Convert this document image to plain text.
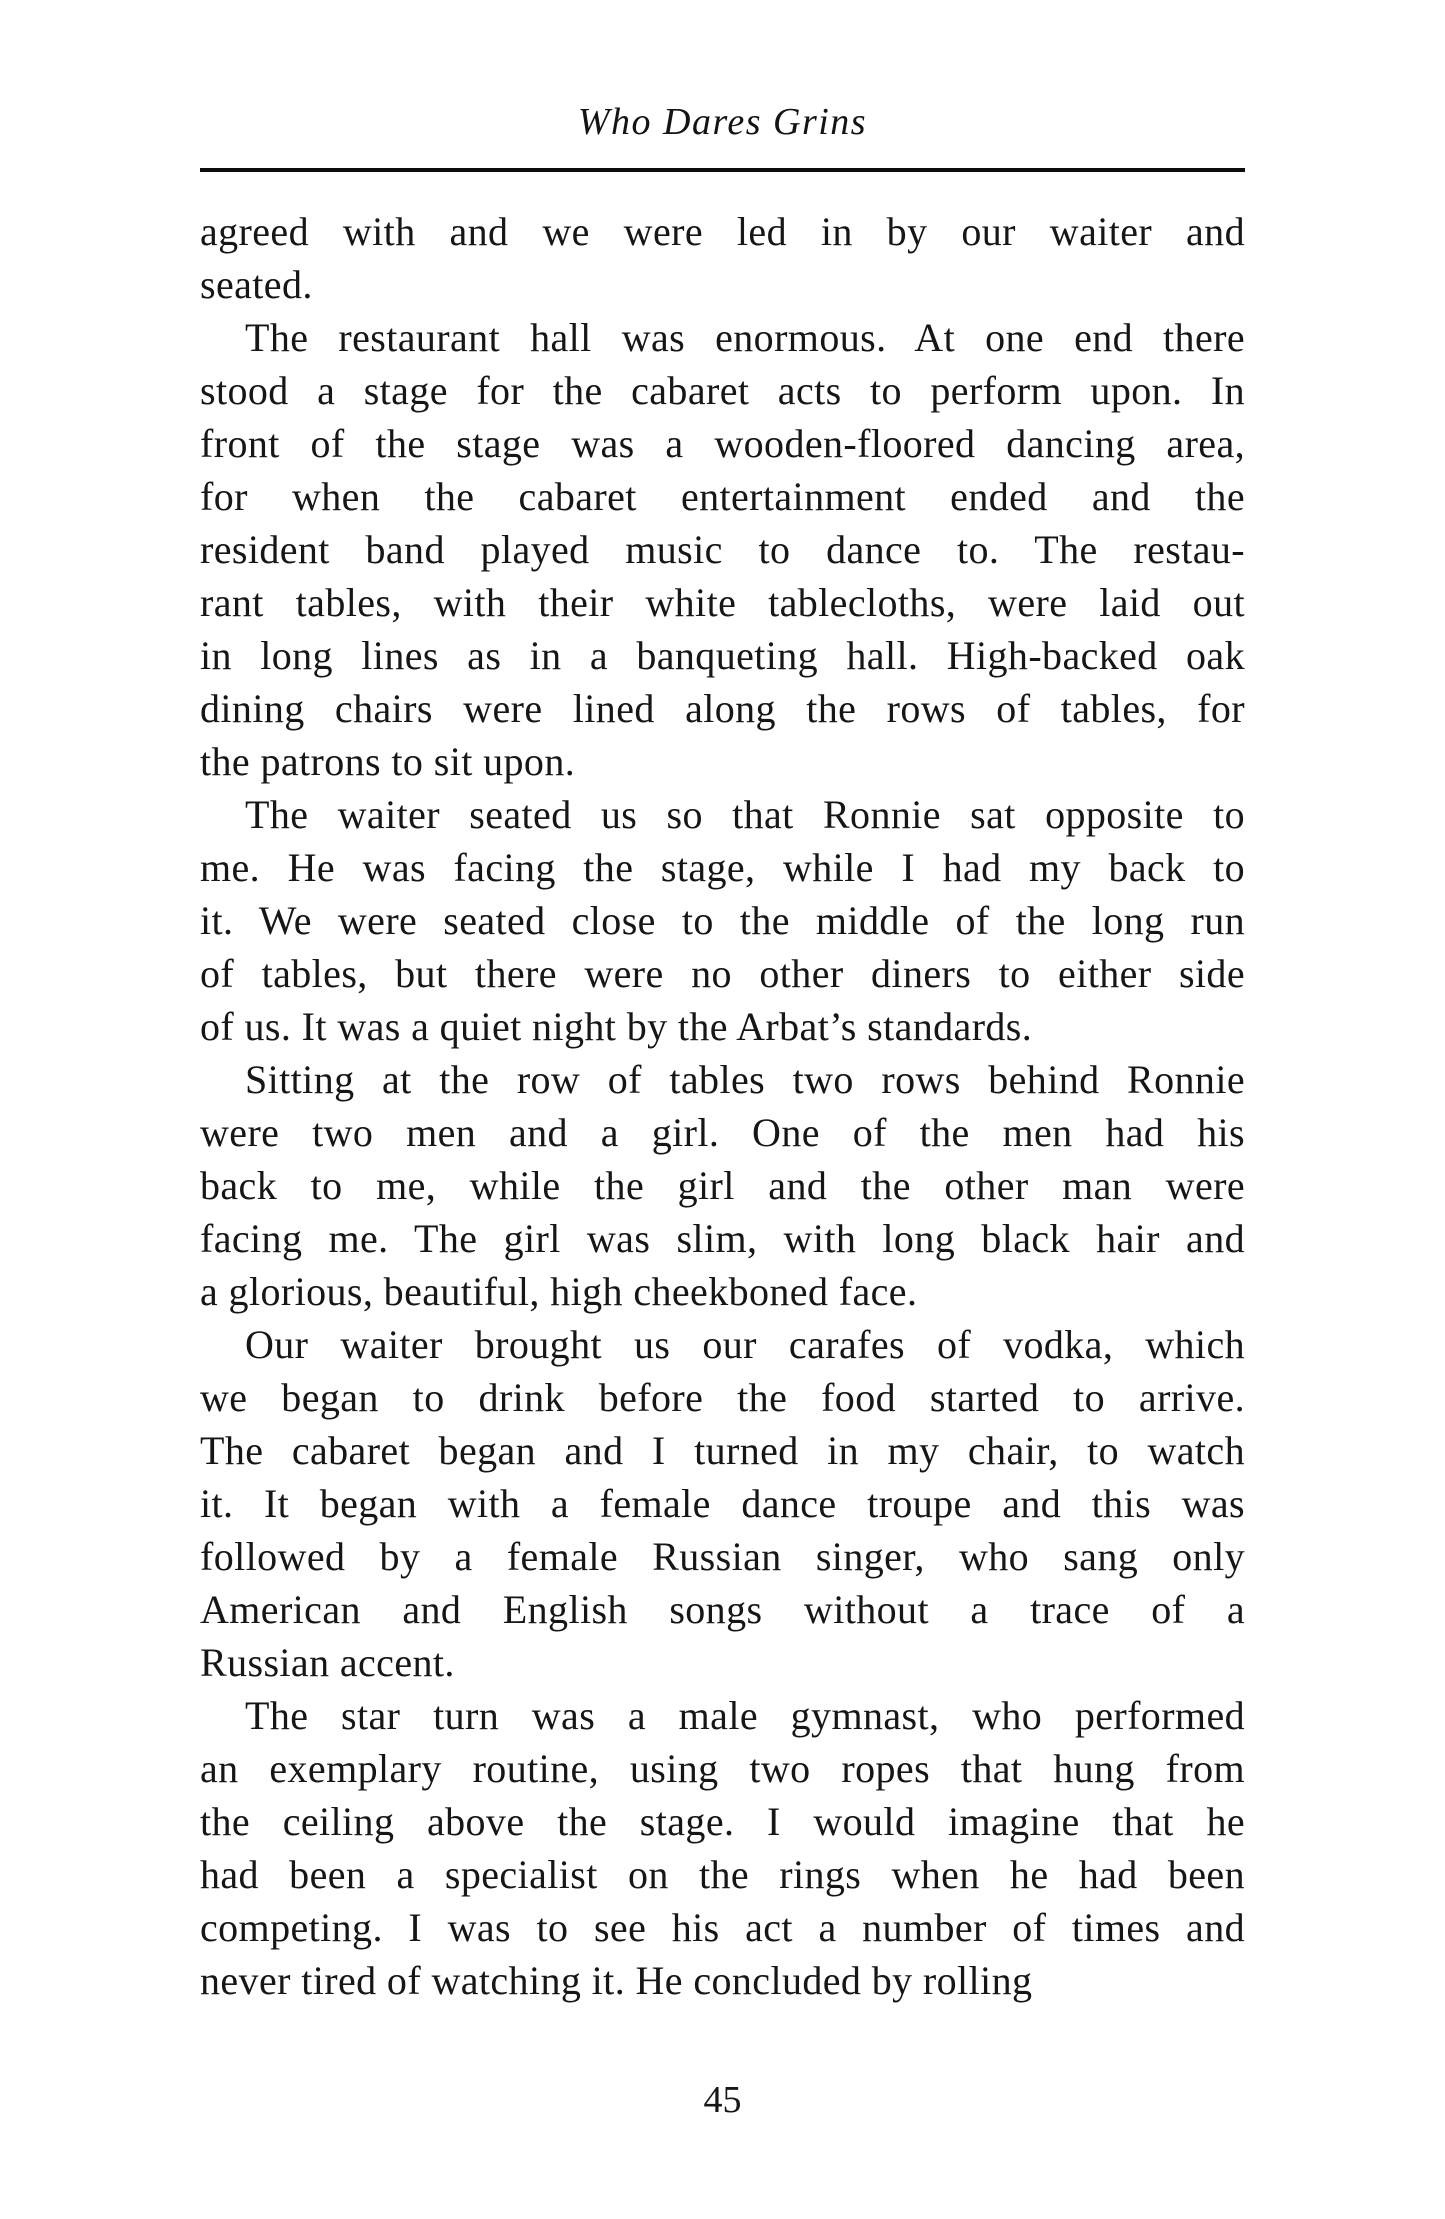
Who Dares Grins
agreed with and we were led in by our waiter and
seated.
The restaurant hall was enormous. At one end there
stood a stage for the cabaret acts to perform upon. In
front of the stage was a wooden-floored dancing area,
for when the cabaret entertainment ended and the
resident band played music to dance to. The restau-
rant tables, with their white tablecloths, were laid out
in long lines as in a banqueting hall. High-backed oak
dining chairs were lined along the rows of tables, for
the patrons to sit upon.
The waiter seated us so that Ronnie sat opposite to
me. He was facing the stage, while I had my back to
it. We were seated close to the middle of the long run
of tables, but there were no other diners to either side
of us. It was a quiet night by the Arbat’s standards.
Sitting at the row of tables two rows behind Ronnie
were two men and a girl. One of the men had his
back to me, while the girl and the other man were
facing me. The girl was slim, with long black hair and
a glorious, beautiful, high cheekboned face.
Our waiter brought us our carafes of vodka, which
we began to drink before the food started to arrive.
The cabaret began and I turned in my chair, to watch
it. It began with a female dance troupe and this was
followed by a female Russian singer, who sang only
American and English songs without a trace of a
Russian accent.
The star turn was a male gymnast, who performed
an exemplary routine, using two ropes that hung from
the ceiling above the stage. I would imagine that he
had been a specialist on the rings when he had been
competing. I was to see his act a number of times and
never tired of watching it. He concluded by rolling
45
